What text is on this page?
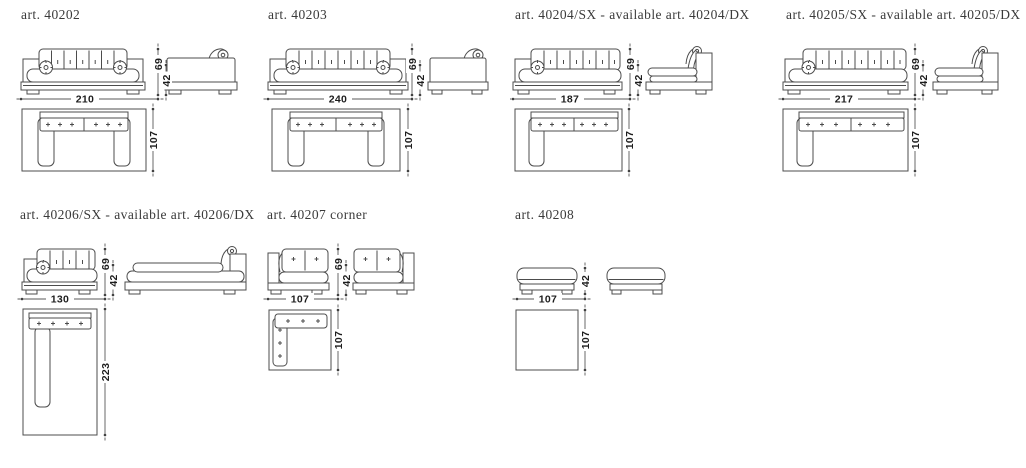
art. 40202
69
42
210
107
art. 40203
69
42
240
107
art. 40204/SX - available art. 40204/DX
69
42
187
107
art. 40205/SX - available art. 40205/DX
69
42
217
107
art. 40206/SX - available art. 40206/DX
69
42
130
223
art. 40207 corner
69
42
107
107
art. 40208
42
107
107
